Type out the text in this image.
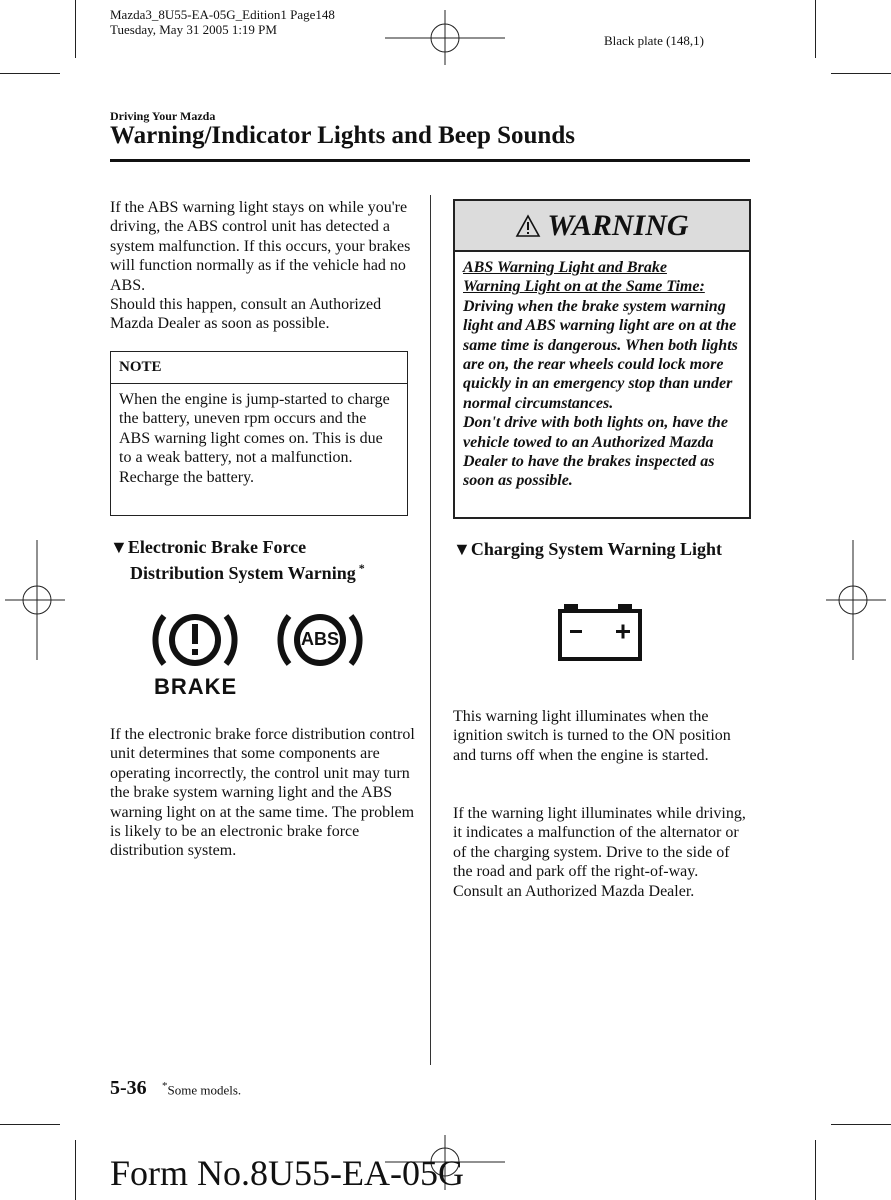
Mazda3_8U55-EA-05G_Edition1 Page148
Tuesday, May 31 2005 1:19 PM
Black plate (148,1)
Driving Your Mazda
Warning/Indicator Lights and Beep Sounds

If the ABS warning light stays on while you're driving, the ABS control unit has detected a system malfunction. If this occurs, your brakes will function normally as if the vehicle had no ABS.
Should this happen, consult an Authorized Mazda Dealer as soon as possible.

NOTE

When the engine is jump-started to charge the battery, uneven rpm occurs and the ABS warning light comes on. This is due to a weak battery, not a malfunction.
Recharge the battery.

▼Electronic Brake Force
Distribution System Warning *
BRAKE
ABS

If the electronic brake force distribution control unit determines that some components are operating incorrectly, the control unit may turn the brake system warning light and the ABS warning light on at the same time. The problem is likely to be an electronic brake force distribution system.

WARNING
ABS Warning Light and Brake
Warning Light on at the Same Time:
Driving when the brake system warning light and ABS warning light are on at the same time is dangerous. When both lights are on, the rear wheels could lock more quickly in an emergency stop than under normal circumstances.
Don't drive with both lights on, have the vehicle towed to an Authorized Mazda Dealer to have the brakes inspected as soon as possible.
▼Charging System Warning Light

This warning light illuminates when the ignition switch is turned to the ON position and turns off when the engine is started.

If the warning light illuminates while driving, it indicates a malfunction of the alternator or of the charging system. Drive to the side of the road and park off the right-of-way. Consult an Authorized Mazda Dealer.

5-36 *Some models.
Form No.8U55-EA-05G
